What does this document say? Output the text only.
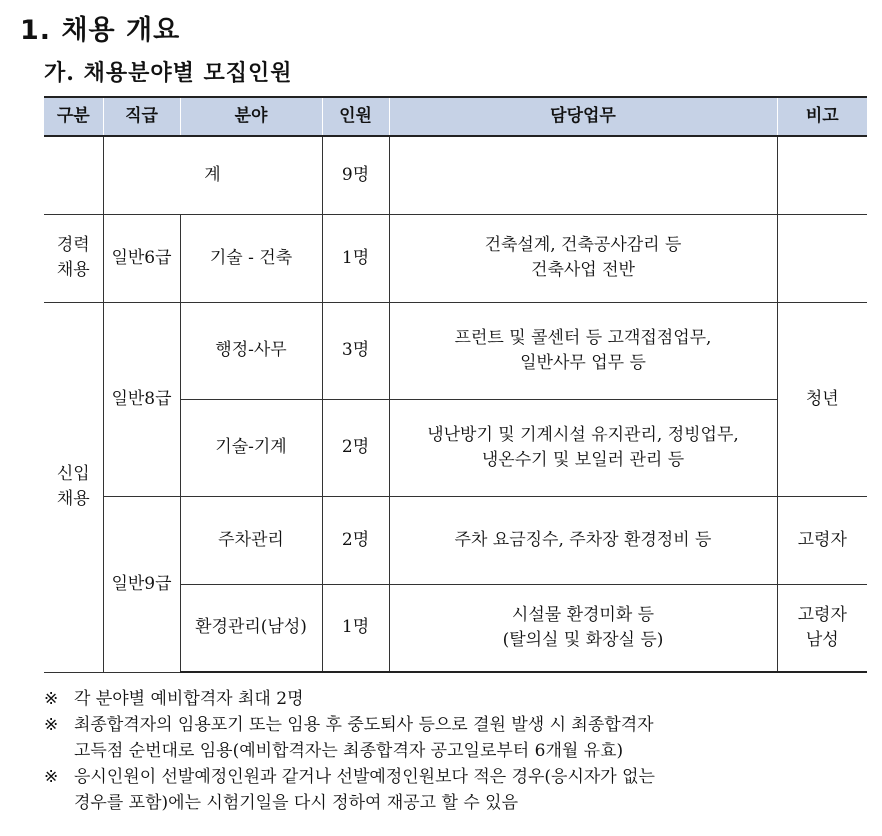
1. 채용 개요
가. 채용분야별 모집인원
구분	직급	분야	인원	담당업무	비고
	계		9명		
경력 채용	일반6급	기술 - 건축	1명	건축설계, 건축공사감리 등
건축사업 전반	

신입 채용	일반8급	행정-사무	3명	프런트 및 콜센터 등 고객접점업무,
일반사무 업무 등	청년
		기술-기계	2명	냉난방기 및 기계시설 유지관리, 정빙업무,
냉온수기 및 보일러 관리 등	

	일반9급	주차관리	2명	주차 요금징수, 주차장 환경정비 등	고령자

		환경관리(남성)	1명	시설물 환경미화 등
(탈의실 및 화장실 등)	고령자
남성
※ 각 분야별 예비합격자 최대 2명
※ 최종합격자의 임용포기 또는 임용 후 중도퇴사 등으로 결원 발생 시 최종합격자
고득점 순번대로 임용(예비합격자는 최종합격자 공고일로부터 6개월 유효)
※ 응시인원이 선발예정인원과 같거나 선발예정인원보다 적은 경우(응시자가 없는
경우를 포함)에는 시험기일을 다시 정하여 재공고 할 수 있음
